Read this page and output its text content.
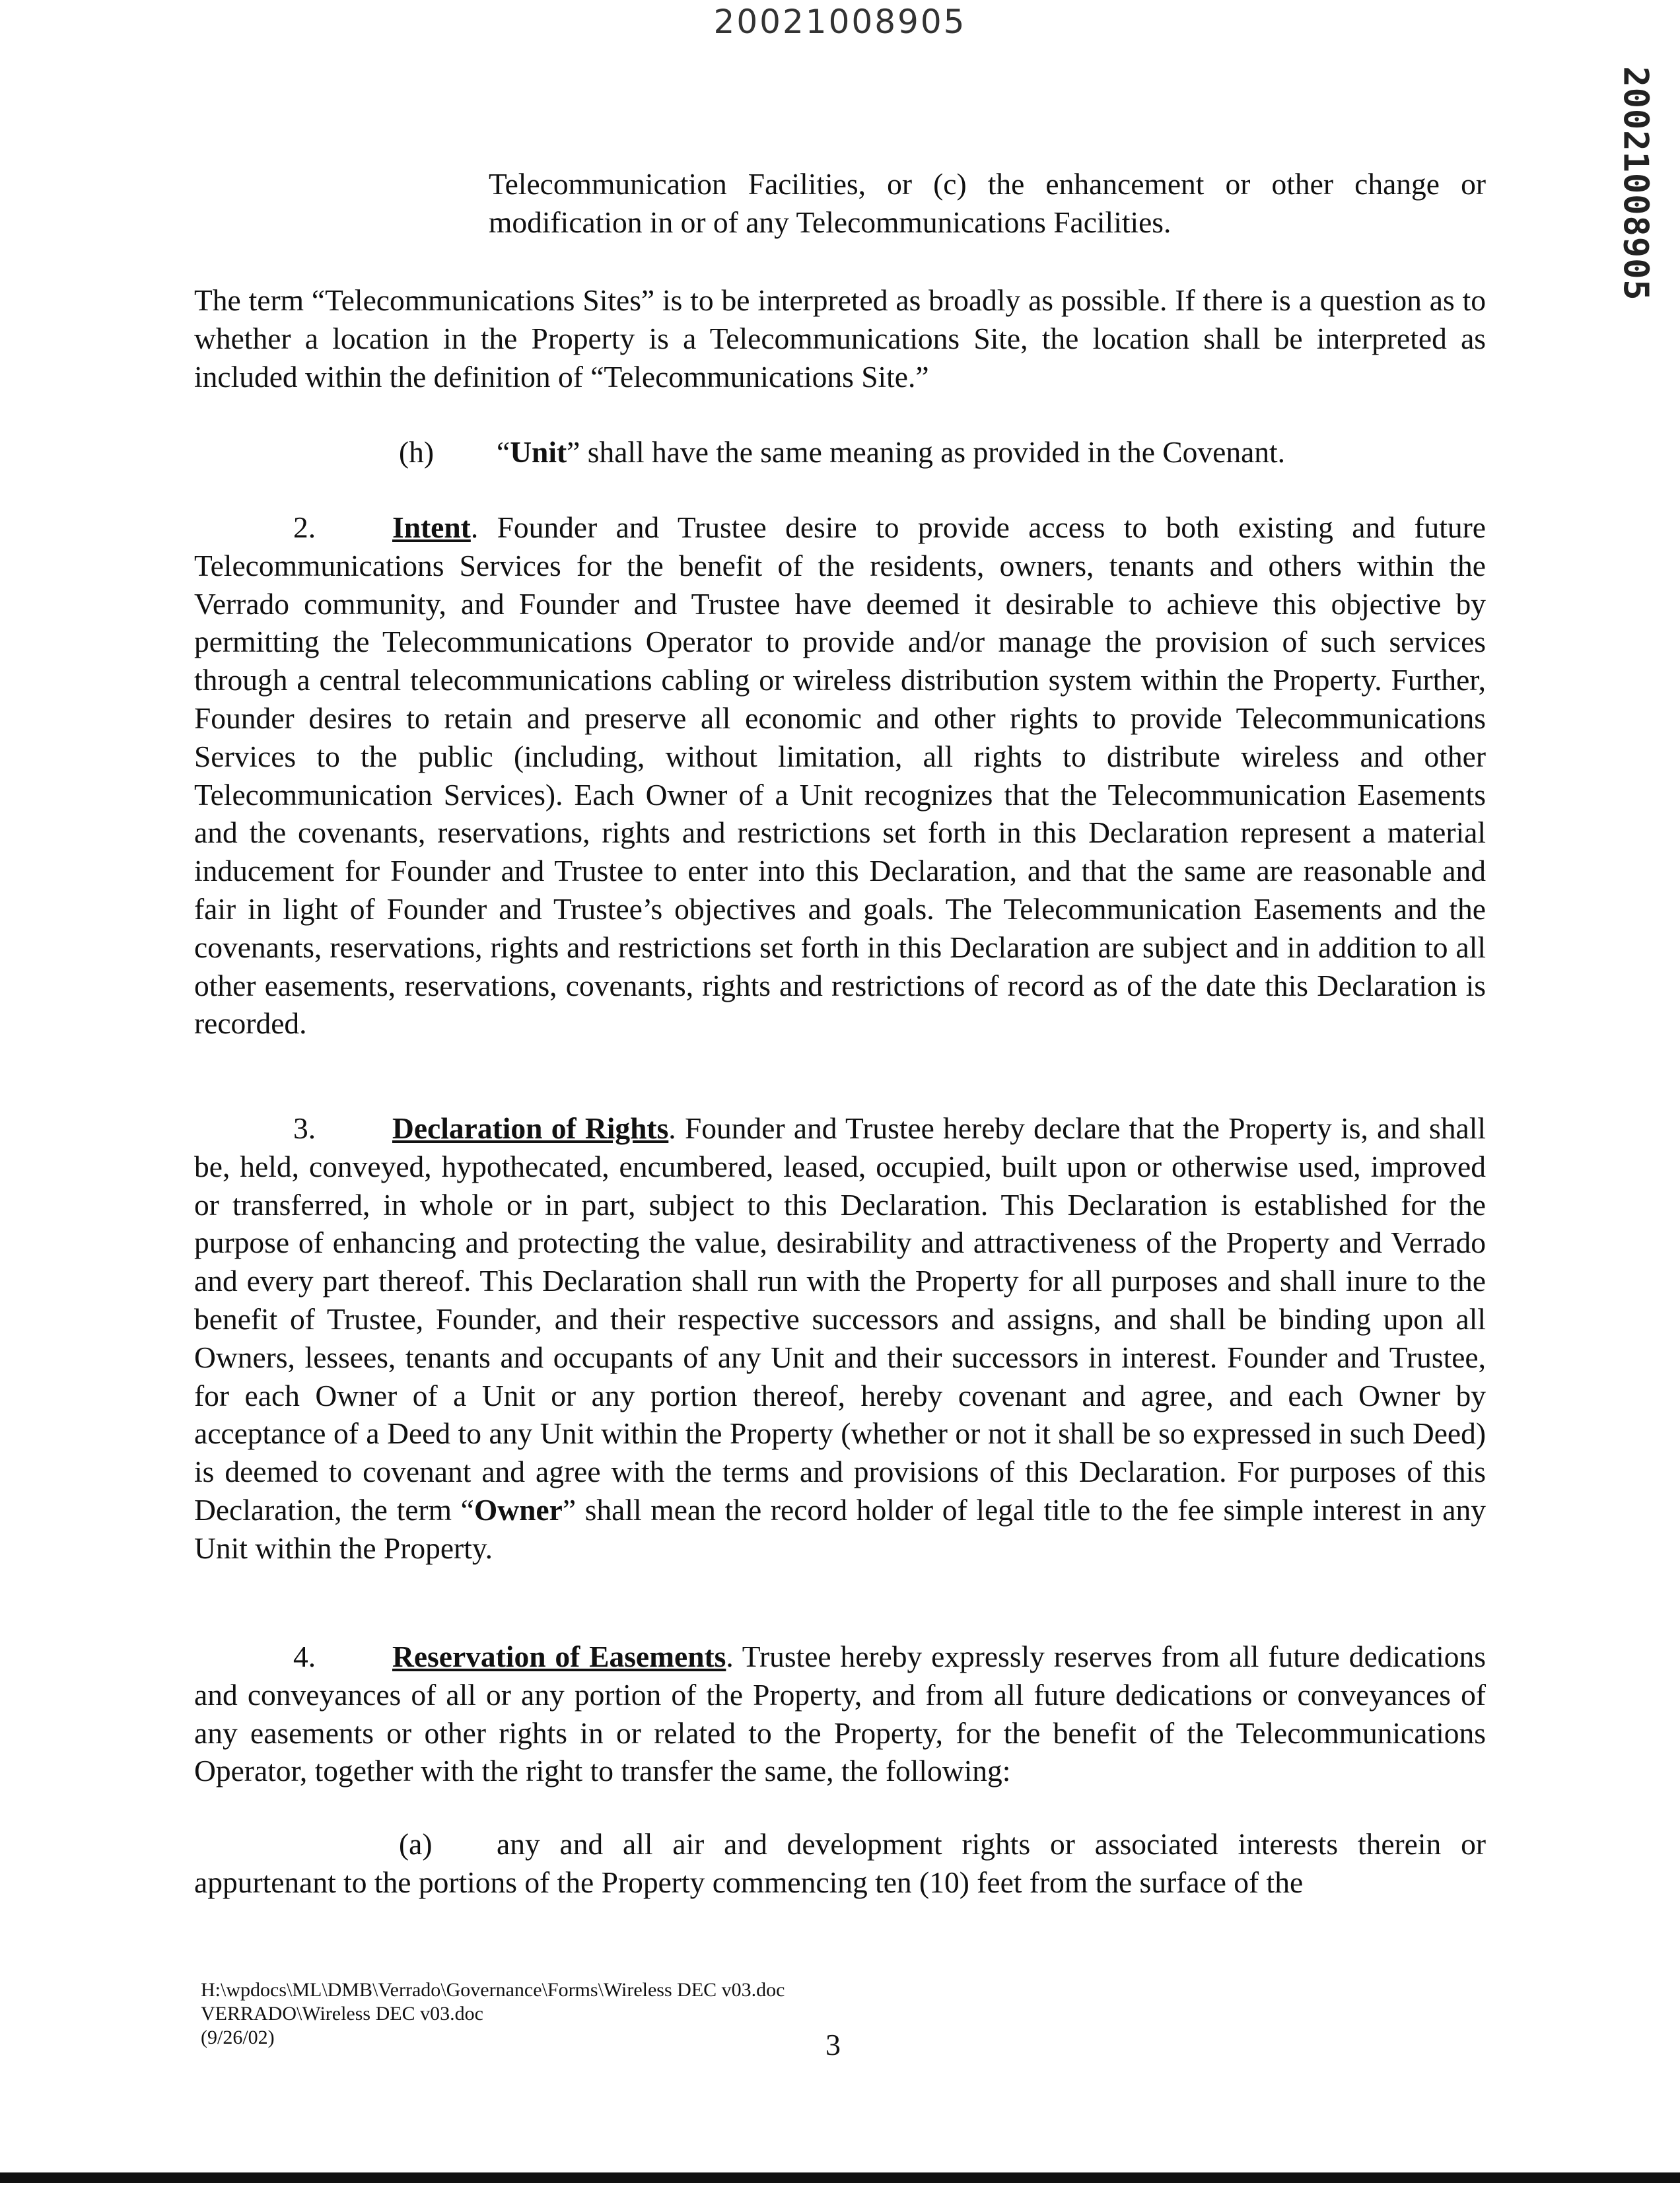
20021008905
20021008905

Telecommunication Facilities, or (c) the enhancement or other change or modification in or of any Telecommunications Facilities.

The term “Telecommunications Sites” is to be interpreted as broadly as possible. If there is a question as to whether a location in the Property is a Telecommunications Site, the location shall be interpreted as included within the definition of “Telecommunications Site.”

(h) “Unit” shall have the same meaning as provided in the Covenant.

2.	Intent. Founder and Trustee desire to provide access to both existing and future Telecommunications Services for the benefit of the residents, owners, tenants and others within the Verrado community, and Founder and Trustee have deemed it desirable to achieve this objective by permitting the Telecommunications Operator to provide and/or manage the provision of such services through a central telecommunications cabling or wireless distribution system within the Property. Further, Founder desires to retain and preserve all economic and other rights to provide Telecommunications Services to the public (including, without limitation, all rights to distribute wireless and other Telecommunication Services). Each Owner of a Unit recognizes that the Telecommunication Easements and the covenants, reservations, rights and restrictions set forth in this Declaration represent a material inducement for Founder and Trustee to enter into this Declaration, and that the same are reasonable and fair in light of Founder and Trustee’s objectives and goals. The Telecommunication Easements and the covenants, reservations, rights and restrictions set forth in this Declaration are subject and in addition to all other easements, reservations, covenants, rights and restrictions of record as of the date this Declaration is recorded.

3.	Declaration of Rights. Founder and Trustee hereby declare that the Property is, and shall be, held, conveyed, hypothecated, encumbered, leased, occupied, built upon or otherwise used, improved or transferred, in whole or in part, subject to this Declaration. This Declaration is established for the purpose of enhancing and protecting the value, desirability and attractiveness of the Property and Verrado and every part thereof. This Declaration shall run with the Property for all purposes and shall inure to the benefit of Trustee, Founder, and their respective successors and assigns, and shall be binding upon all Owners, lessees, tenants and occupants of any Unit and their successors in interest. Founder and Trustee, for each Owner of a Unit or any portion thereof, hereby covenant and agree, and each Owner by acceptance of a Deed to any Unit within the Property (whether or not it shall be so expressed in such Deed) is deemed to covenant and agree with the terms and provisions of this Declaration. For purposes of this Declaration, the term “Owner” shall mean the record holder of legal title to the fee simple interest in any Unit within the Property.

4.	Reservation of Easements. Trustee hereby expressly reserves from all future dedications and conveyances of all or any portion of the Property, and from all future dedications or conveyances of any easements or other rights in or related to the Property, for the benefit of the Telecommunications Operator, together with the right to transfer the same, the following:

(a) any and all air and development rights or associated interests therein or appurtenant to the portions of the Property commencing ten (10) feet from the surface of the

H:\wpdocs\ML\DMB\Verrado\Governance\Forms\Wireless DEC v03.doc
VERRADO\Wireless DEC v03.doc
(9/26/02)	3
